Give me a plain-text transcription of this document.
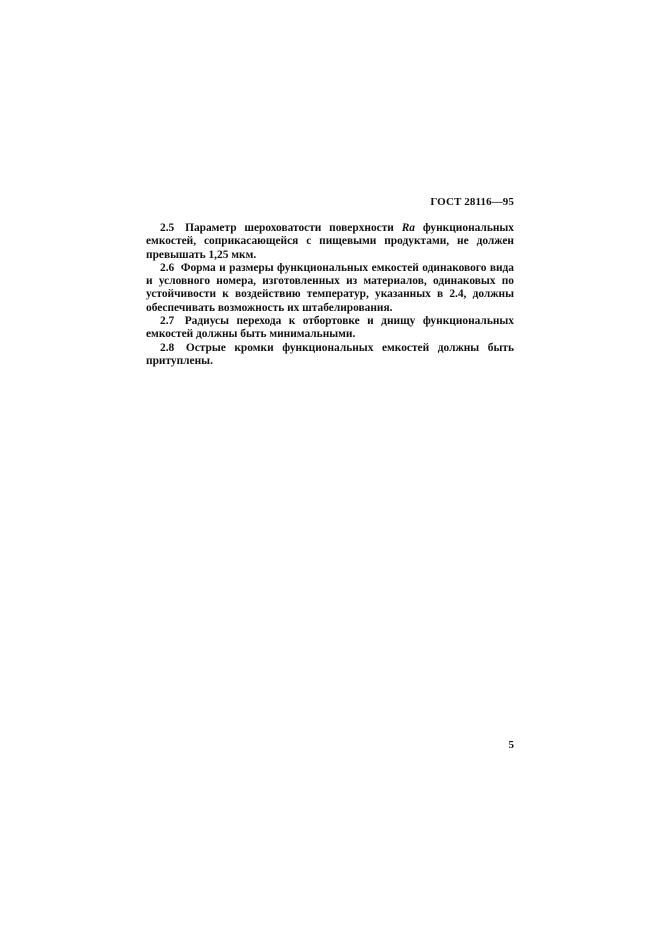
ГОСТ 28116—95

2.5 Параметр шероховатости поверхности Ra функциональных емкостей, соприкасающейся с пищевыми продуктами, не должен превышать 1,25 мкм.

2.6 Форма и размеры функциональных емкостей одинакового вида и условного номера, изготовленных из материалов, одинаковых по устойчивости к воздействию температур, указанных в 2.4, должны обеспечивать возможность их штабелирования.

2.7 Радиусы перехода к отбортовке и днищу функциональных емкостей должны быть минимальными.

2.8 Острые кромки функциональных емкостей должны быть притуплены.

5
